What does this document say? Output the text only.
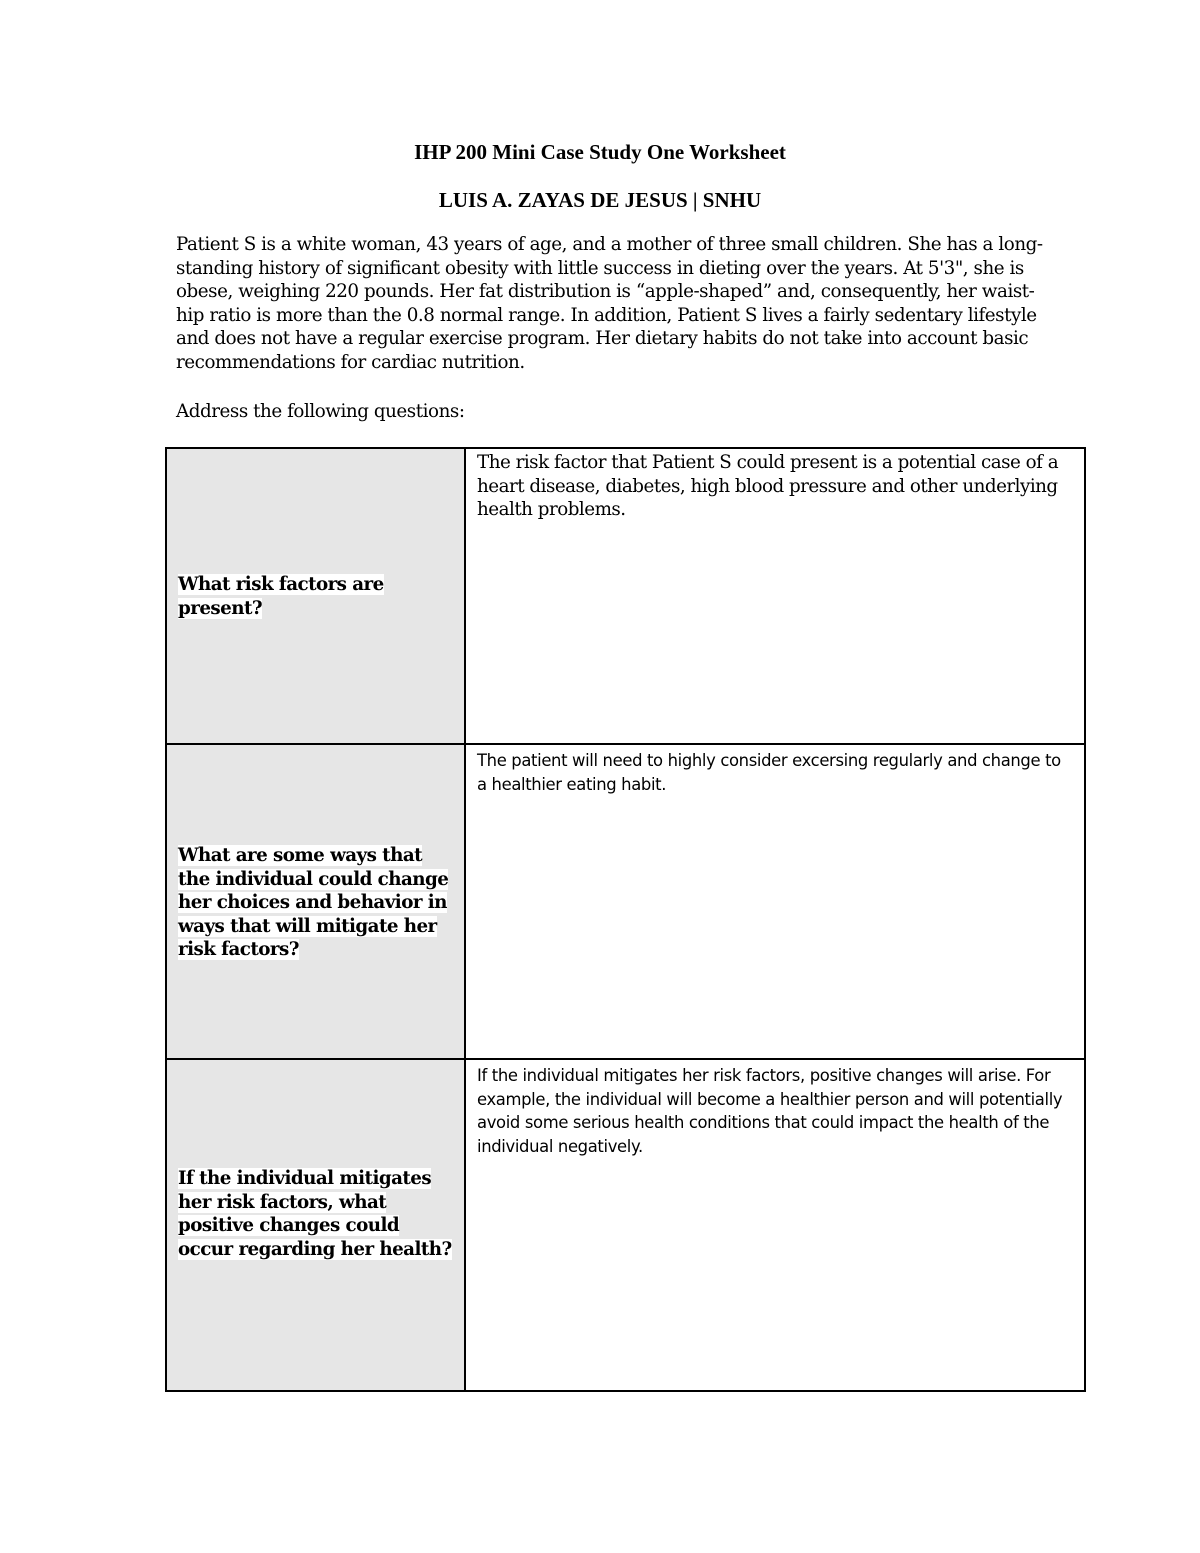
IHP 200 Mini Case Study One Worksheet
LUIS A. ZAYAS DE JESUS | SNHU

Patient S is a white woman, 43 years of age, and a mother of three small children. She has a long-standing history of significant obesity with little success in dieting over the years. At 5'3", she is obese, weighing 220 pounds. Her fat distribution is “apple-shaped” and, consequently, her waist-hip ratio is more than the 0.8 normal range. In addition, Patient S lives a fairly sedentary lifestyle and does not have a regular exercise program. Her dietary habits do not take into account basic recommendations for cardiac nutrition.

Address the following questions:

What risk factors are present?	The risk factor that Patient S could present is a potential case of a heart disease, diabetes, high blood pressure and other underlying health problems.

What are some ways that the individual could change her choices and behavior in ways that will mitigate her risk factors?	The patient will need to highly consider excersing regularly and change to a healthier eating habit.

If the individual mitigates her risk factors, what positive changes could occur regarding her health?	If the individual mitigates her risk factors, positive changes will arise. For example, the individual will become a healthier person and will potentially avoid some serious health conditions that could impact the health of the individual negatively.
